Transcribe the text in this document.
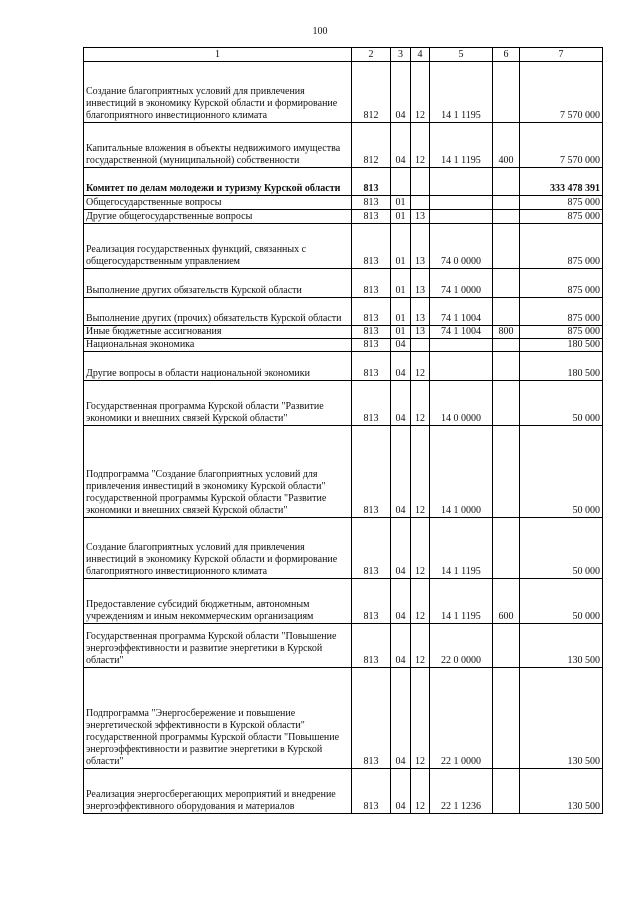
100
1	2	3	4	5	6	7
Создание благоприятных условий для привлечения инвестиций в экономику Курской области и формирование благоприятного инвестиционного климата	812	04	12	14 1 1195		7 570 000
Капитальные вложения в объекты недвижимого имущества государственной (муниципальной) собственности	812	04	12	14 1 1195	400	7 570 000
Комитет по делам молодежи и туризму Курской области	813					333 478 391
Общегосударственные вопросы	813	01				875 000
Другие общегосударственные вопросы	813	01	13			875 000
Реализация государственных функций, связанных с общегосударственным управлением	813	01	13	74 0 0000		875 000
Выполнение других обязательств Курской области	813	01	13	74 1 0000		875 000
Выполнение других (прочих) обязательств Курской области	813	01	13	74 1 1004		875 000
Иные бюджетные ассигнования	813	01	13	74 1 1004	800	875 000
Национальная экономика	813	04				180 500
Другие вопросы в области национальной экономики	813	04	12			180 500
Государственная программа Курской области "Развитие экономики и внешних связей Курской области"	813	04	12	14 0 0000		50 000
Подпрограмма "Создание благоприятных условий для привлечения инвестиций в экономику Курской области" государственной программы Курской области "Развитие экономики и внешних связей Курской области"	813	04	12	14 1 0000		50 000
Создание благоприятных условий для привлечения инвестиций в экономику Курской области и формирование благоприятного инвестиционного климата	813	04	12	14 1 1195		50 000
Предоставление субсидий бюджетным, автономным учреждениям и иным некоммерческим организациям	813	04	12	14 1 1195	600	50 000
Государственная программа Курской области "Повышение энергоэффективности и развитие энергетики в Курской области"	813	04	12	22 0 0000		130 500
Подпрограмма "Энергосбережение и повышение энергетической эффективности в Курской области" государственной программы Курской области "Повышение энергоэффективности и развитие энергетики в Курской области"	813	04	12	22 1 0000		130 500
Реализация энергосберегающих мероприятий и внедрение энергоэффективного оборудования и материалов	813	04	12	22 1 1236		130 500
